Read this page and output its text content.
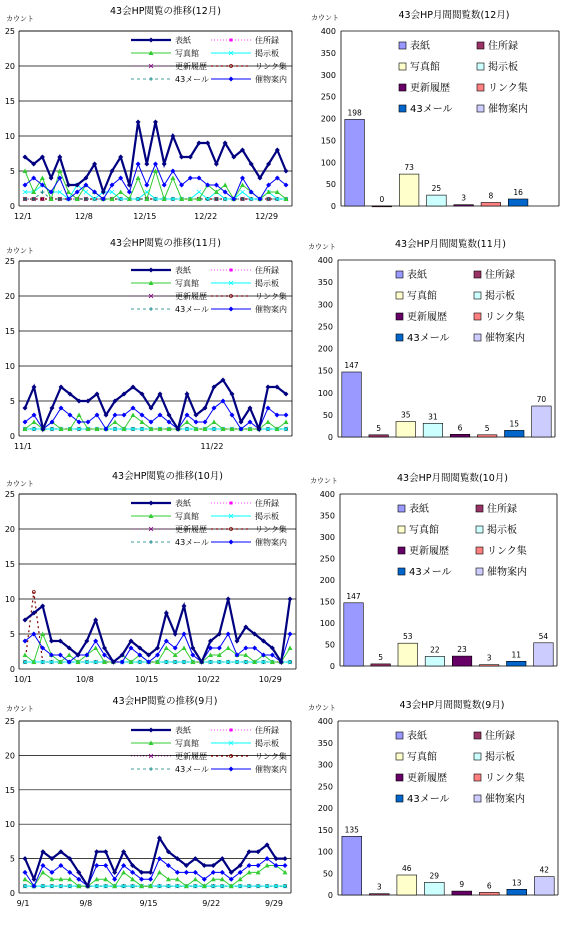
43会HP閲覧の推移(12月)
カウント
0
5
10
15
20
25
12/1	12/8	12/15	12/22	12/29
表紙	住所録
写真館	掲示板
更新履歴	リンク集
43メール	催物案内
43会HP月間閲覧数(12月)
カウント
0
50
100
150
200
250
300
350
400
198
0
73
25
3	8	16
表紙	住所録
写真館	掲示板
更新履歴	リンク集
43メール	催物案内
43会HP閲覧の推移(11月)
カウント
0
5
10
15
20
25
11/1	11/22
表紙	住所録
写真館	掲示板
更新履歴	リンク集
43メール	催物案内
43会HP月間閲覧数(11月)
カウント
0
50
100
150
200
250
300
350
400
147
5
35 31
6	5	15
70
表紙	住所録
写真館	掲示板
更新履歴	リンク集
43メール	催物案内
43会HP閲覧の推移(10月)
カウント
0
5
10
15
20
25
10/1	10/8	10/15	10/22	10/29
表紙	住所録
写真館	掲示板
更新履歴	リンク集
43メール	催物案内
43会HP月間閲覧数(10月)
カウント
0
50
100
150
200
250
300
350
400
147
5
53
22 23
3	11
54
表紙	住所録
写真館	掲示板
更新履歴	リンク集
43メール	催物案内
43会HP閲覧の推移(9月)
カウント
0
5
10
15
20
25
9/1	9/8	9/15	9/22	9/29
表紙	住所録
写真館	掲示板
更新履歴	リンク集
43メール	催物案内
43会HP月間閲覧数(9月)
カウント
0
50
100
150
200
250
300
350
400
135
3
46
29
9	6	13
42
表紙	住所録
写真館	掲示板
更新履歴	リンク集
43メール	催物案内
